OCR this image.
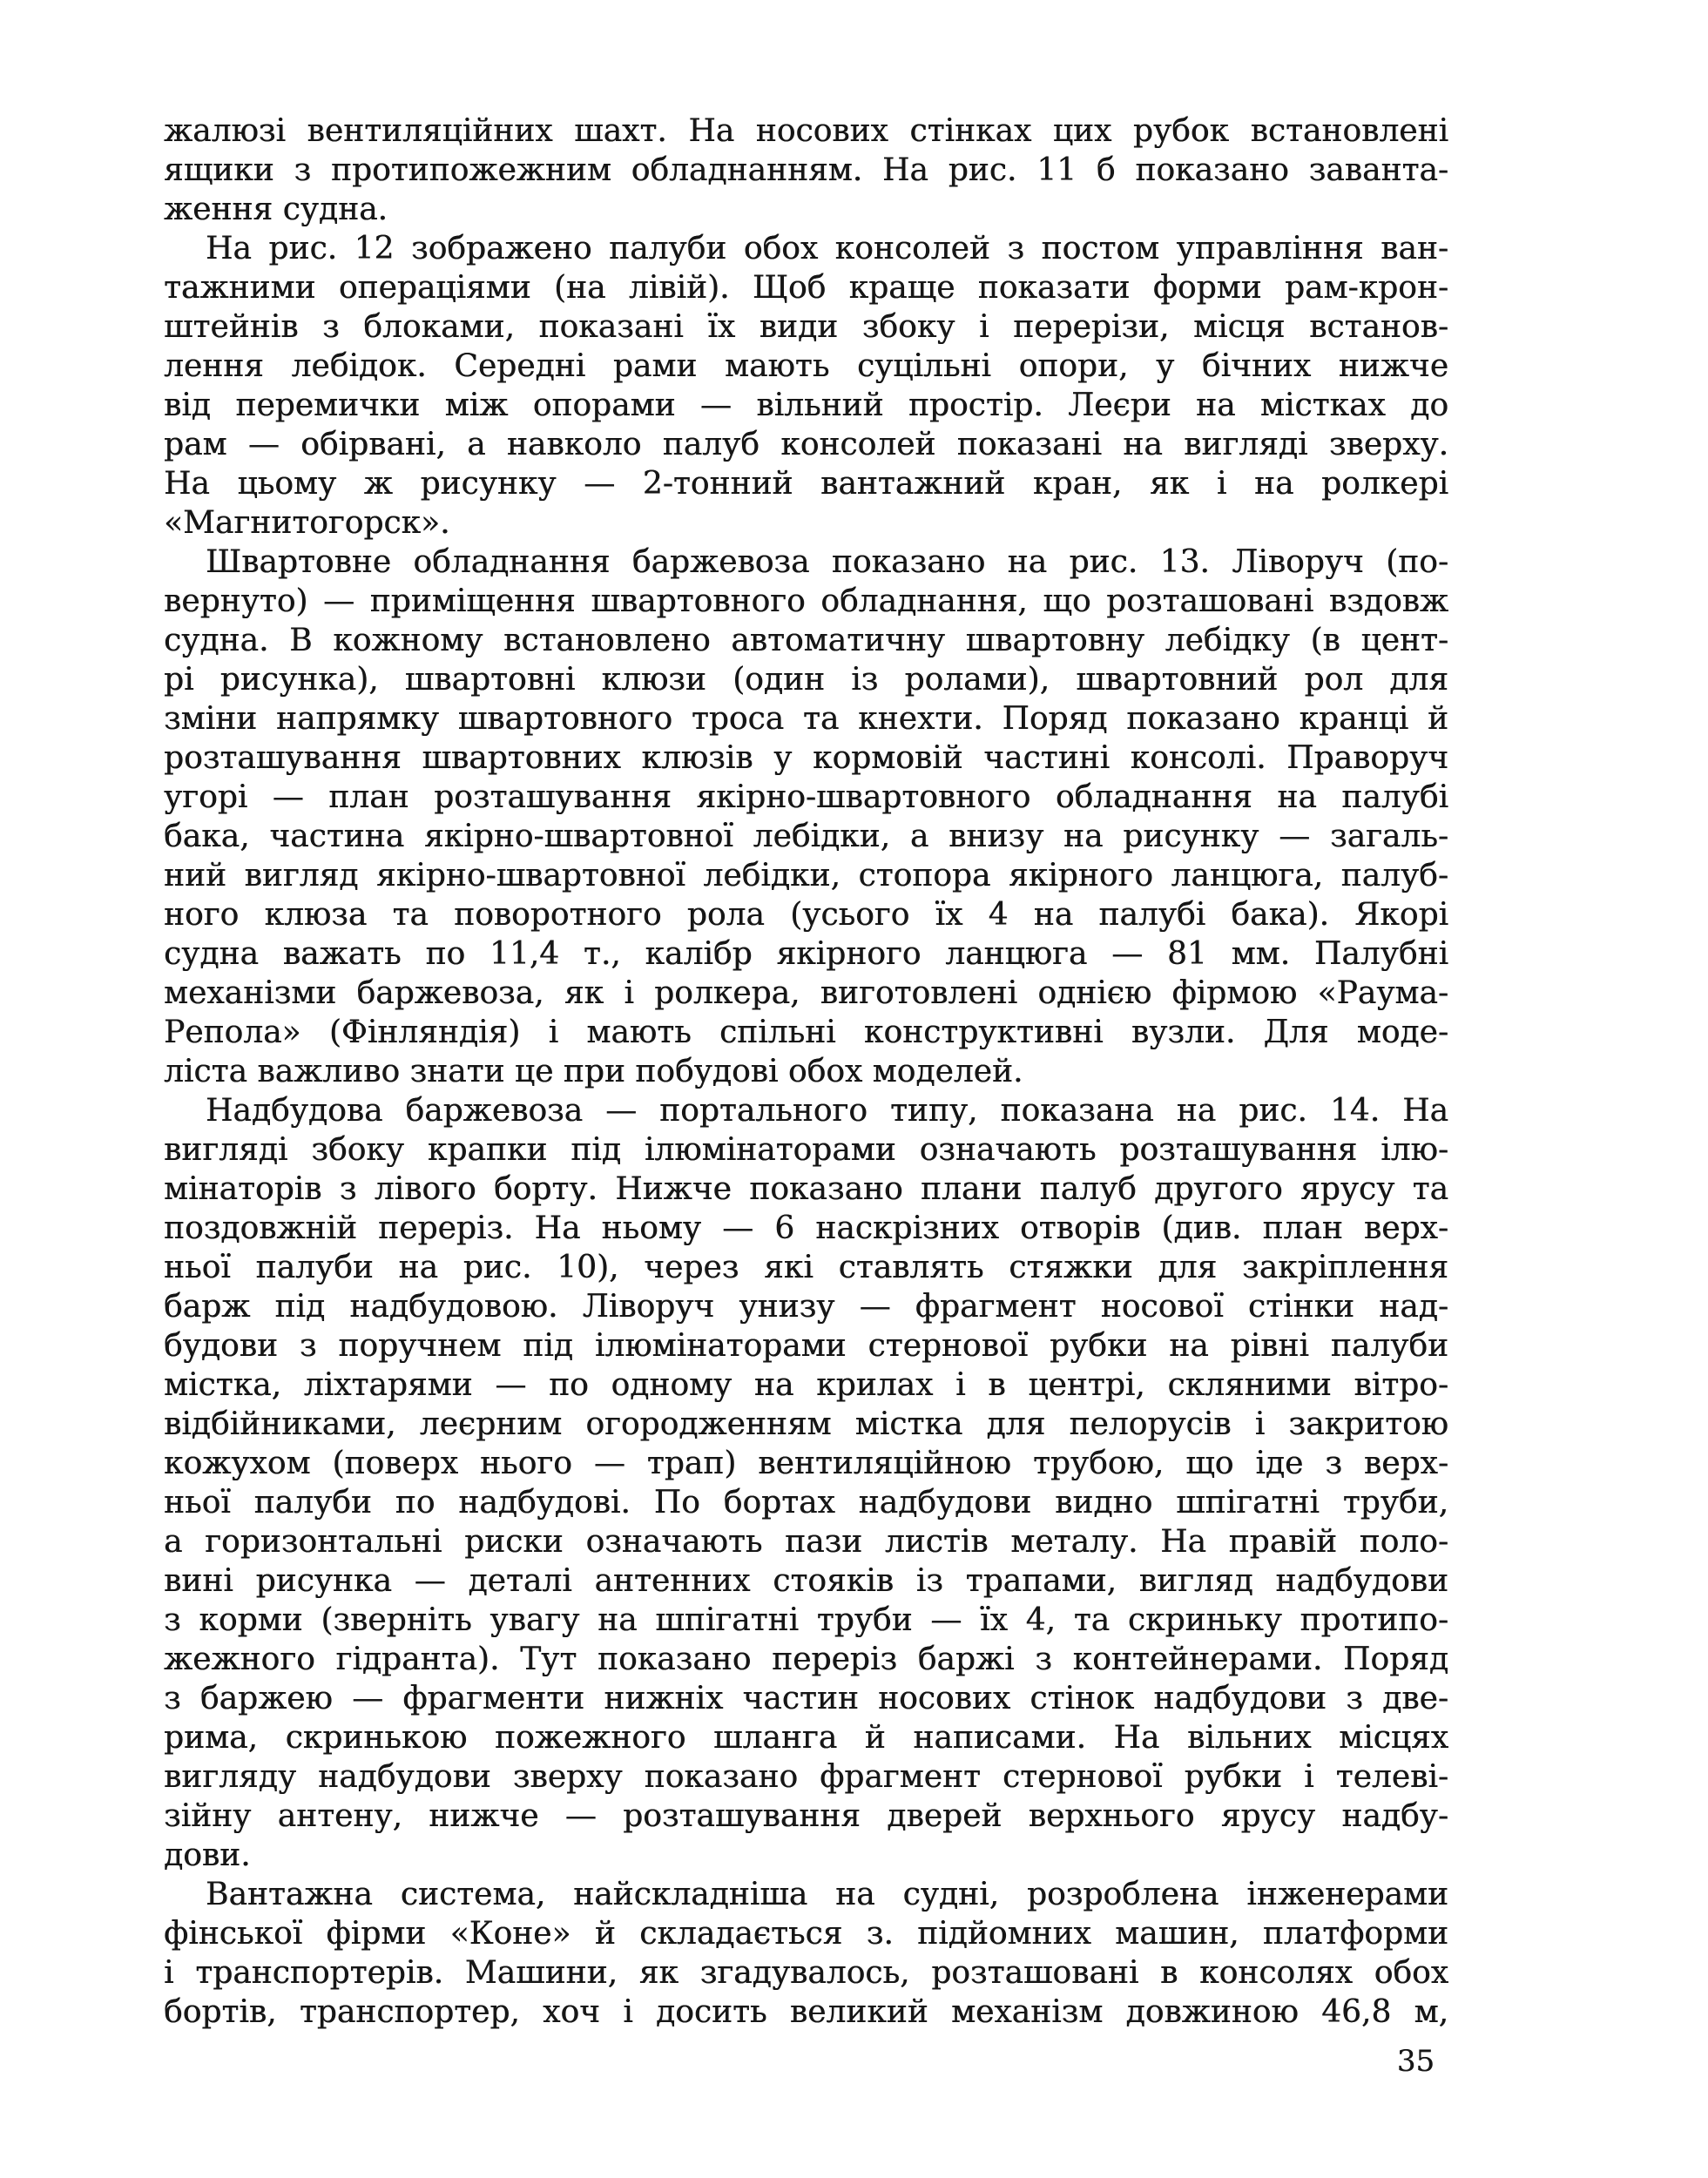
жалюзі вентиляційних шахт. На носових стінках цих рубок встановлені
ящики з протипожежним обладнанням. На рис. 11 б показано заванта-
ження судна.
На рис. 12 зображено палуби обох консолей з постом управління ван-
тажними операціями (на лівій). Щоб краще показати форми рам-крон-
штейнів з блоками, показані їх види збоку і перерізи, місця встанов-
лення лебідок. Середні рами мають суцільні опори, у бічних нижче
від перемички між опорами — вільний простір. Леєри на містках до
рам — обірвані, а навколо палуб консолей показані на вигляді зверху.
На цьому ж рисунку — 2-тонний вантажний кран, як і на ролкері
«Магнитогорск».
Швартовне обладнання баржевоза показано на рис. 13. Ліворуч (по-
вернуто) — приміщення швартовного обладнання, що розташовані вздовж
судна. В кожному встановлено автоматичну швартовну лебідку (в цент-
рі рисунка), швартовні клюзи (один із ролами), швартовний рол для
зміни напрямку швартовного троса та кнехти. Поряд показано кранці й
розташування швартовних клюзів у кормовій частині консолі. Праворуч
угорі — план розташування якірно-швартовного обладнання на палубі
бака, частина якірно-швартовної лебідки, а внизу на рисунку — загаль-
ний вигляд якірно-швартовної лебідки, стопора якірного ланцюга, палуб-
ного клюза та поворотного рола (усього їх 4 на палубі бака). Якорі
судна важать по 11,4 т., калібр якірного ланцюга — 81 мм. Палубні
механізми баржевоза, як і ролкера, виготовлені однією фірмою «Раума-
Репола» (Фінляндія) і мають спільні конструктивні вузли. Для моде-
ліста важливо знати це при побудові обох моделей.
Надбудова баржевоза — портального типу, показана на рис. 14. На
вигляді збоку крапки під ілюмінаторами означають розташування ілю-
мінаторів з лівого борту. Нижче показано плани палуб другого ярусу та
поздовжній переріз. На ньому — 6 наскрізних отворів (див. план верх-
ньої палуби на рис. 10), через які ставлять стяжки для закріплення
барж під надбудовою. Ліворуч унизу — фрагмент носової стінки над-
будови з поручнем під ілюмінаторами стернової рубки на рівні палуби
містка, ліхтарями — по одному на крилах і в центрі, скляними вітро-
відбійниками, леєрним огородженням містка для пелорусів і закритою
кожухом (поверх нього — трап) вентиляційною трубою, що іде з верх-
ньої палуби по надбудові. По бортах надбудови видно шпігатні труби,
а горизонтальні риски означають пази листів металу. На правій поло-
вині рисунка — деталі антенних стояків із трапами, вигляд надбудови
з корми (зверніть увагу на шпігатні труби — їх 4, та скриньку протипо-
жежного гідранта). Тут показано переріз баржі з контейнерами. Поряд
з баржею — фрагменти нижніх частин носових стінок надбудови з две-
рима, скринькою пожежного шланга й написами. На вільних місцях
вигляду надбудови зверху показано фрагмент стернової рубки і телеві-
зійну антену, нижче — розташування дверей верхнього ярусу надбу-
дови.
Вантажна система, найскладніша на судні, розроблена інженерами
фінської фірми «Коне» й складається з. підйомних машин, платформи
і транспортерів. Машини, як згадувалось, розташовані в консолях обох
бортів, транспортер, хоч і досить великий механізм довжиною 46,8 м,
35
